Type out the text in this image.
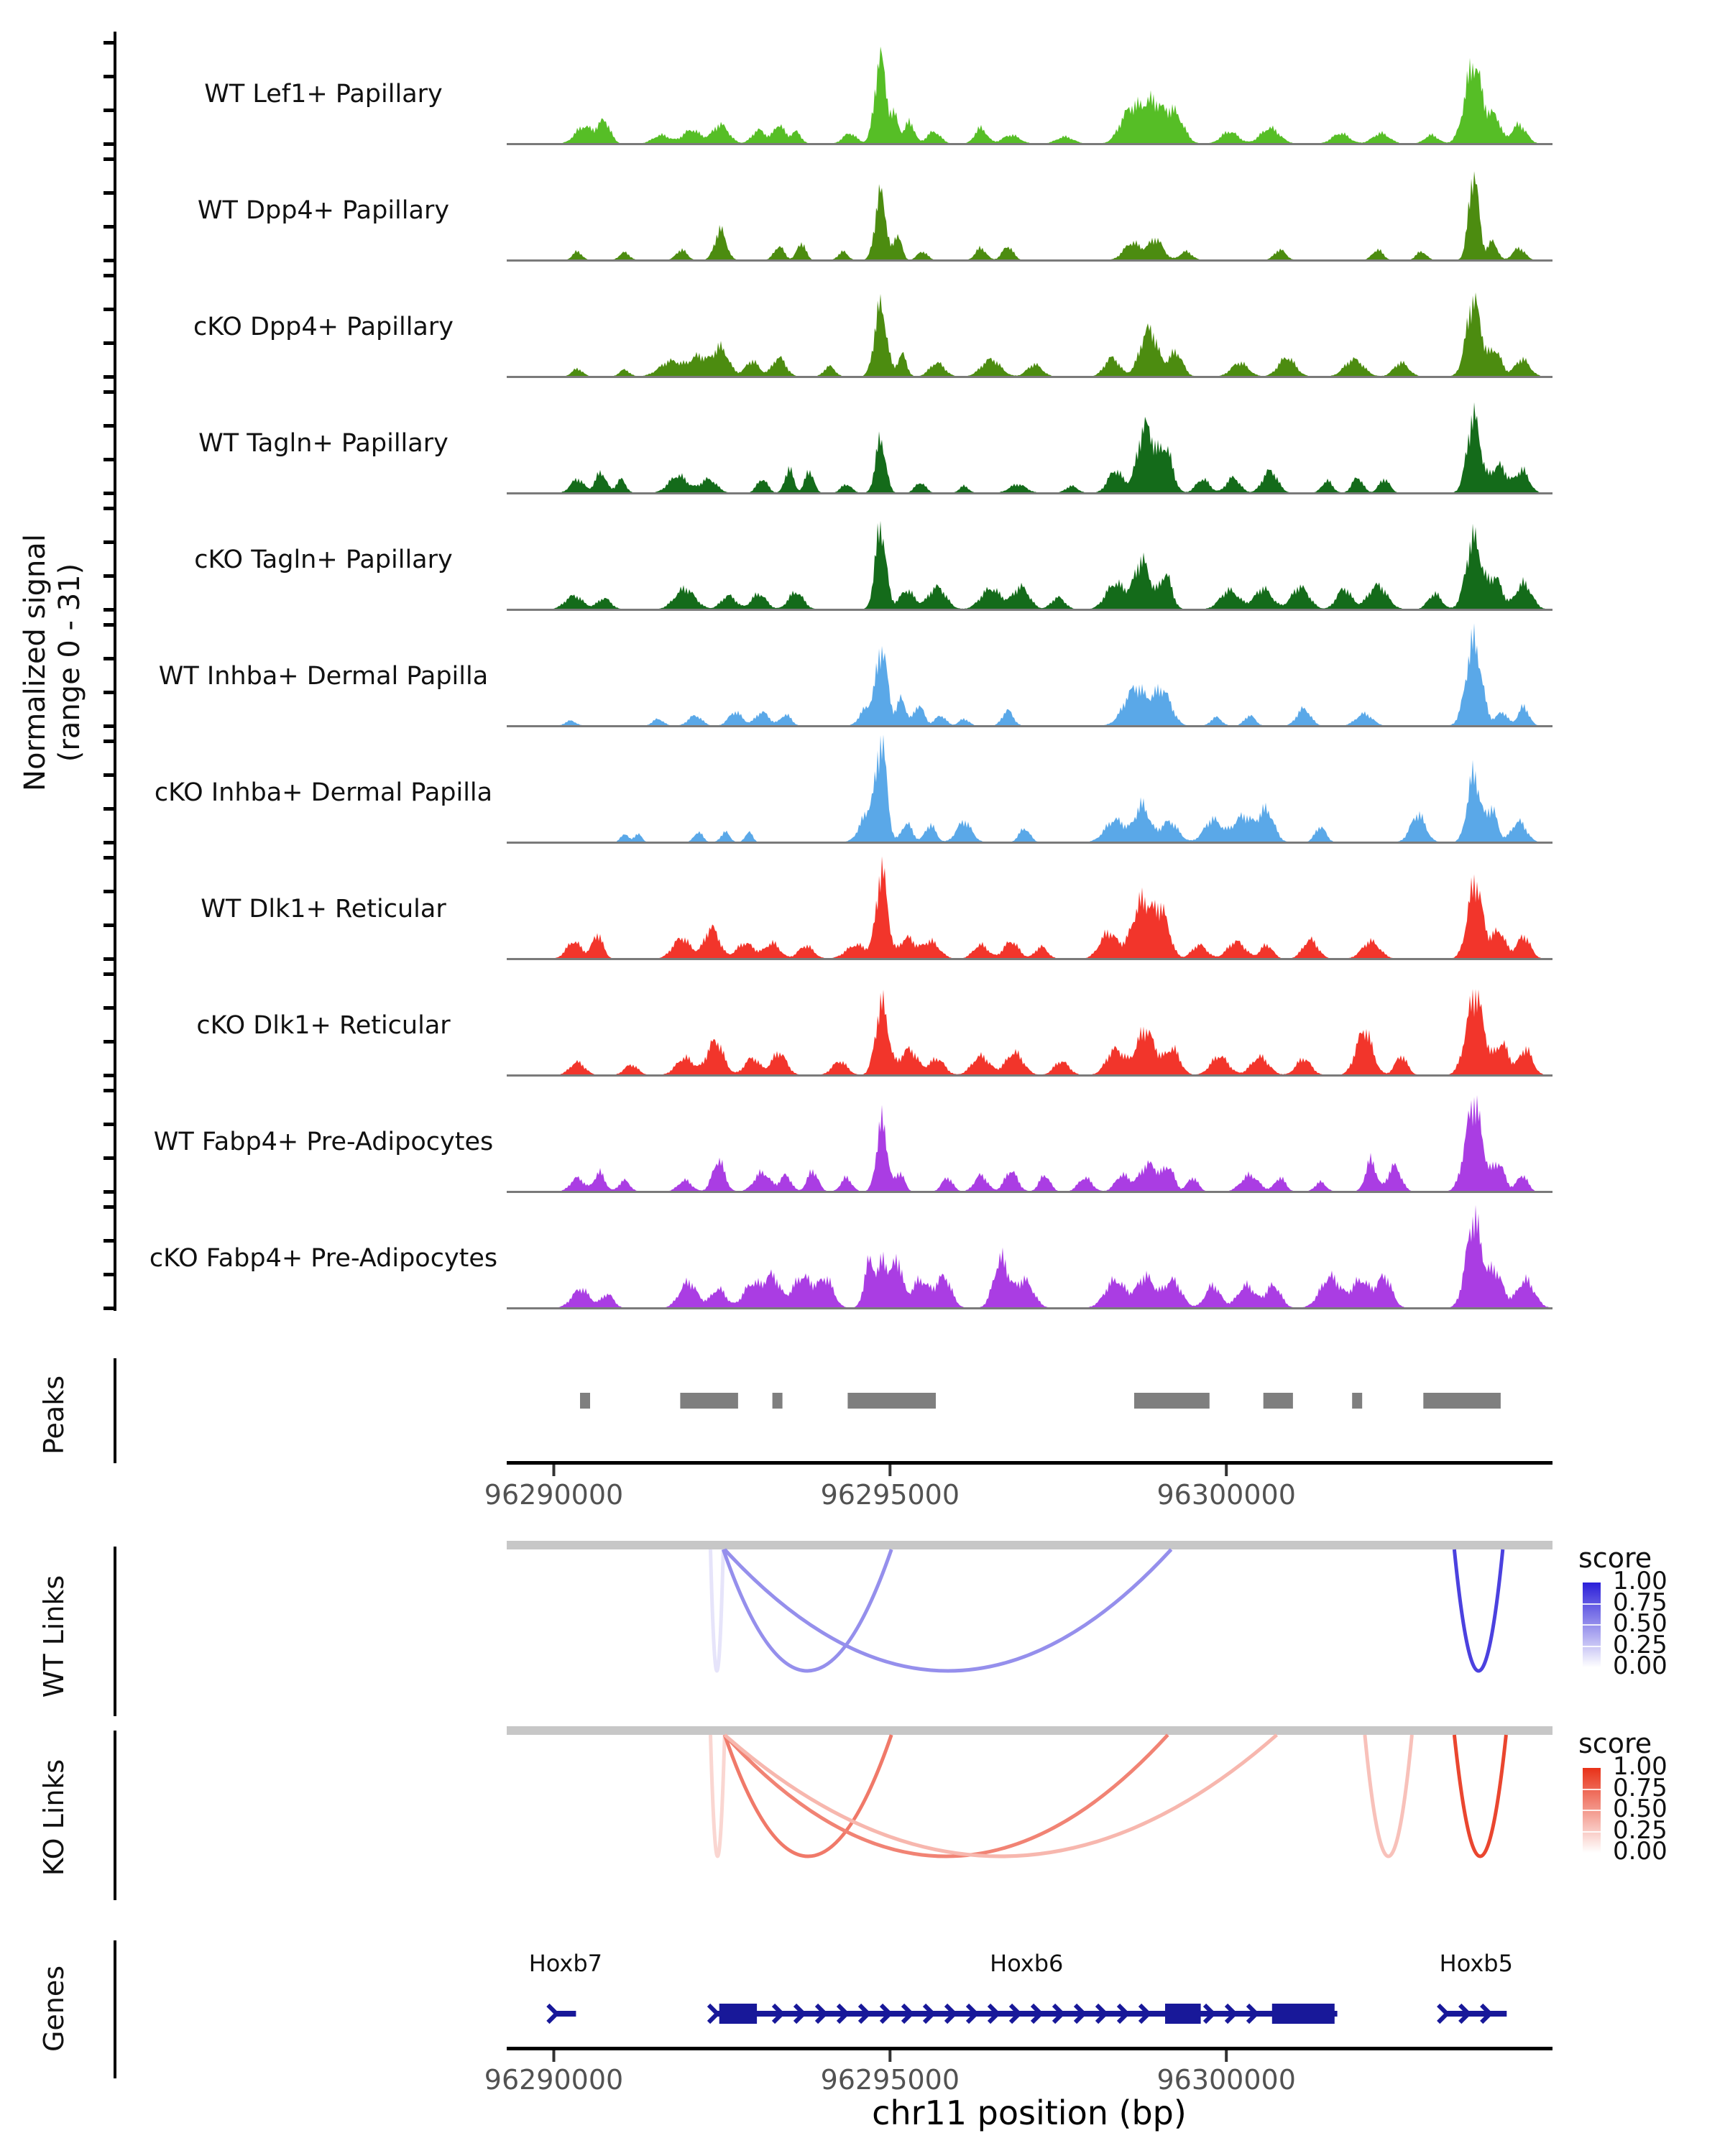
Normalized signal (range 0 - 31)
WT Lef1+ Papillary
WT Dpp4+ Papillary
cKO Dpp4+ Papillary
WT Tagln+ Papillary
cKO Tagln+ Papillary
WT Inhba+ Dermal Papilla
cKO Inhba+ Dermal Papilla
WT Dlk1+ Reticular
cKO Dlk1+ Reticular
WT Fabp4+ Pre-Adipocytes
cKO Fabp4+ Pre-Adipocytes
Peaks
WT Links
KO Links
Genes
96290000	96295000	96300000
score
1.00
0.75
0.50
0.25
0.00
score
1.00
0.75
0.50
0.25
0.00
Hoxb7	Hoxb6	Hoxb5
96290000	96295000	96300000
chr11 position (bp)
